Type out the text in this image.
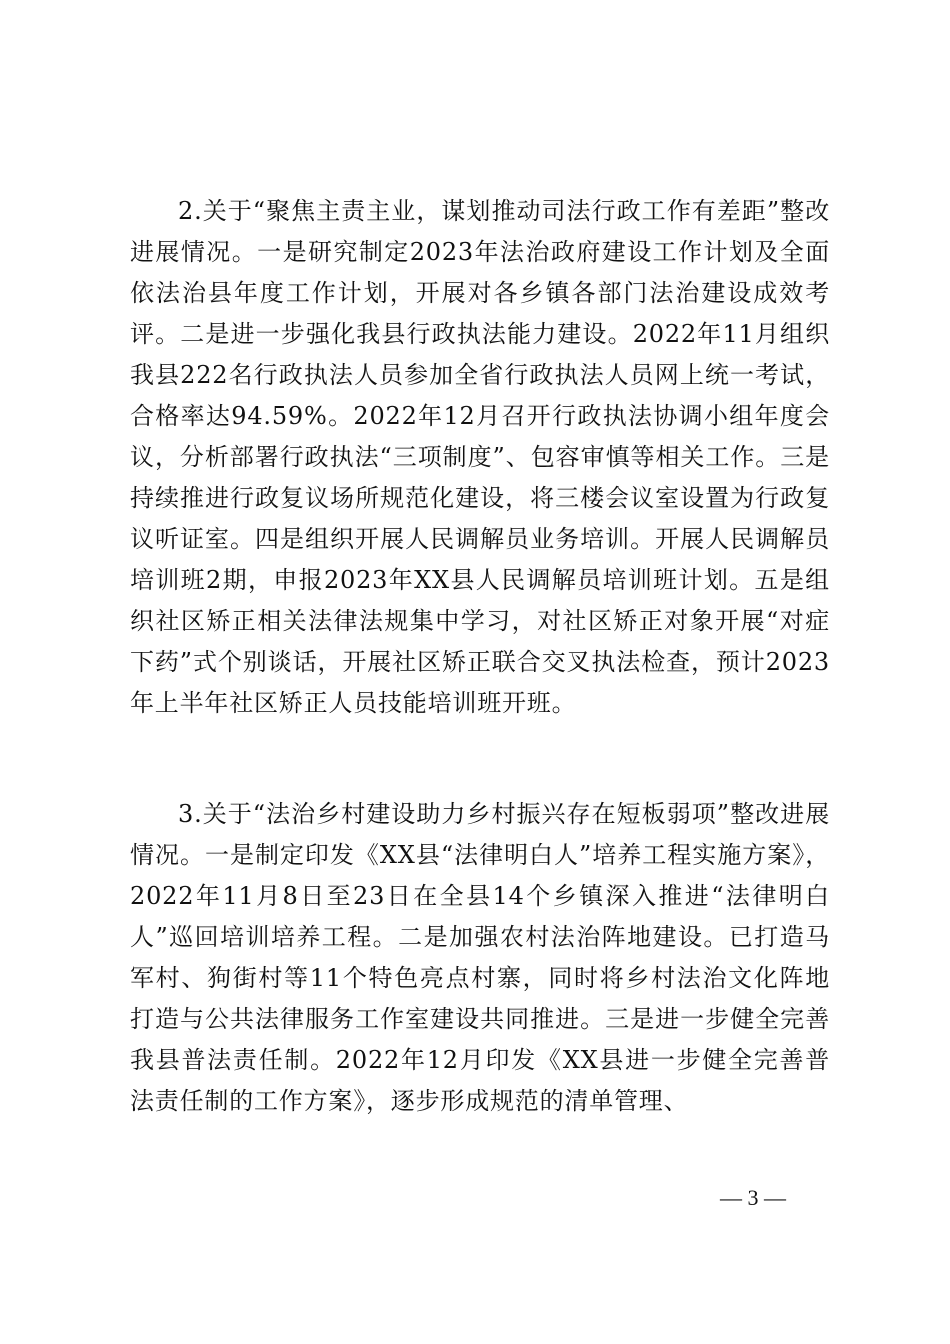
2.关于“聚焦主责主业，谋划推动司法行政工作有差距”整改进展情况。一是研究制定2023年法治政府建设工作计划及全面依法治县年度工作计划，开展对各乡镇各部门法治建设成效考评。二是进一步强化我县行政执法能力建设。2022年11月组织我县222名行政执法人员参加全省行政执法人员网上统一考试，合格率达94.59%。2022年12月召开行政执法协调小组年度会议，分析部署行政执法“三项制度”、包容审慎等相关工作。三是持续推进行政复议场所规范化建设，将三楼会议室设置为行政复议听证室。四是组织开展人民调解员业务培训。开展人民调解员培训班2期，申报2023年XX县人民调解员培训班计划。五是组织社区矫正相关法律法规集中学习，对社区矫正对象开展“对症下药”式个别谈话，开展社区矫正联合交叉执法检查，预计2023年上半年社区矫正人员技能培训班开班。

3.关于“法治乡村建设助力乡村振兴存在短板弱项”整改进展情况。一是制定印发《XX县“法律明白人”培养工程实施方案》，2022年11月8日至23日在全县14个乡镇深入推进“法律明白人”巡回培训培养工程。二是加强农村法治阵地建设。已打造马军村、狗街村等11个特色亮点村寨，同时将乡村法治文化阵地打造与公共法律服务工作室建设共同推进。三是进一步健全完善我县普法责任制。2022年12月印发《XX县进一步健全完善普法责任制的工作方案》，逐步形成规范的清单管理、

— 3 —
